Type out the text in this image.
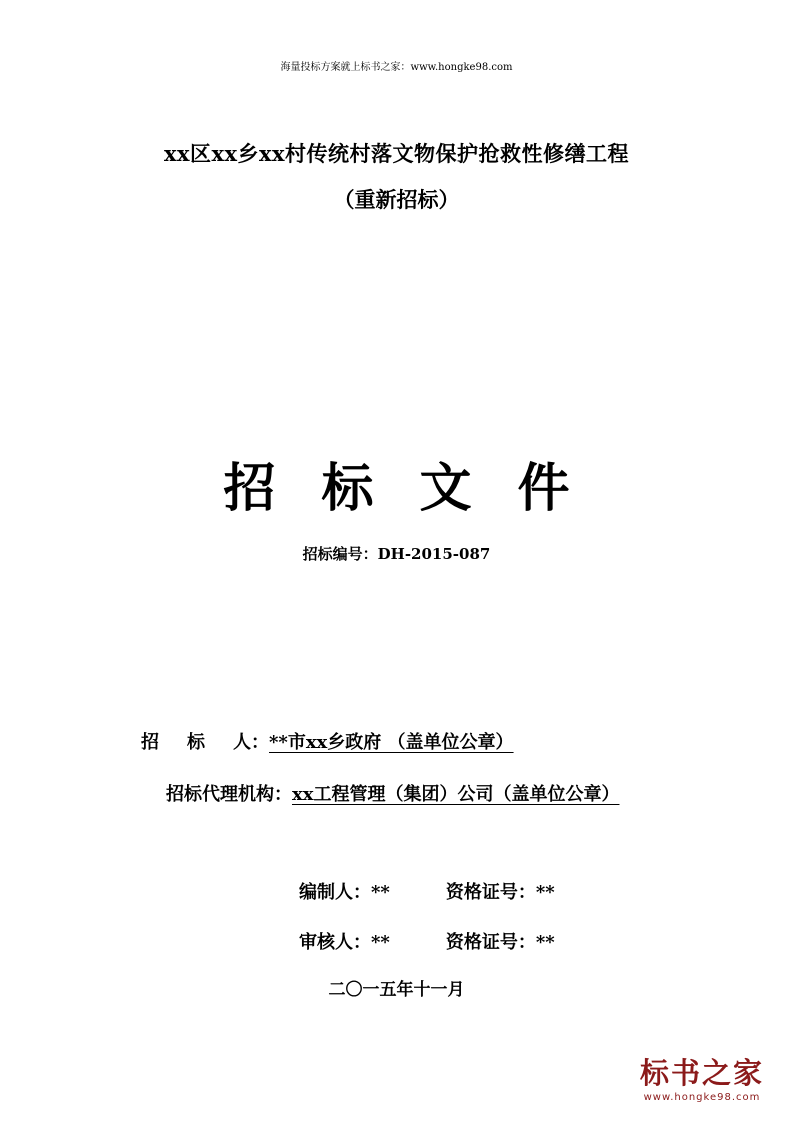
海量投标方案就上标书之家：www.hongke98.com
xx区xx乡xx村传统村落文物保护抢救性修缮工程
（重新招标）
招 标 文 件
招标编号：DH-2015-087
招 标 人：**市xx乡政府 （盖单位公章）
招标代理机构：xx工程管理（集团）公司（盖单位公章）
编制人：**	资格证号：**
审核人：**	资格证号：**
二〇一五年十一月
标书之家
www.hongke98.com
